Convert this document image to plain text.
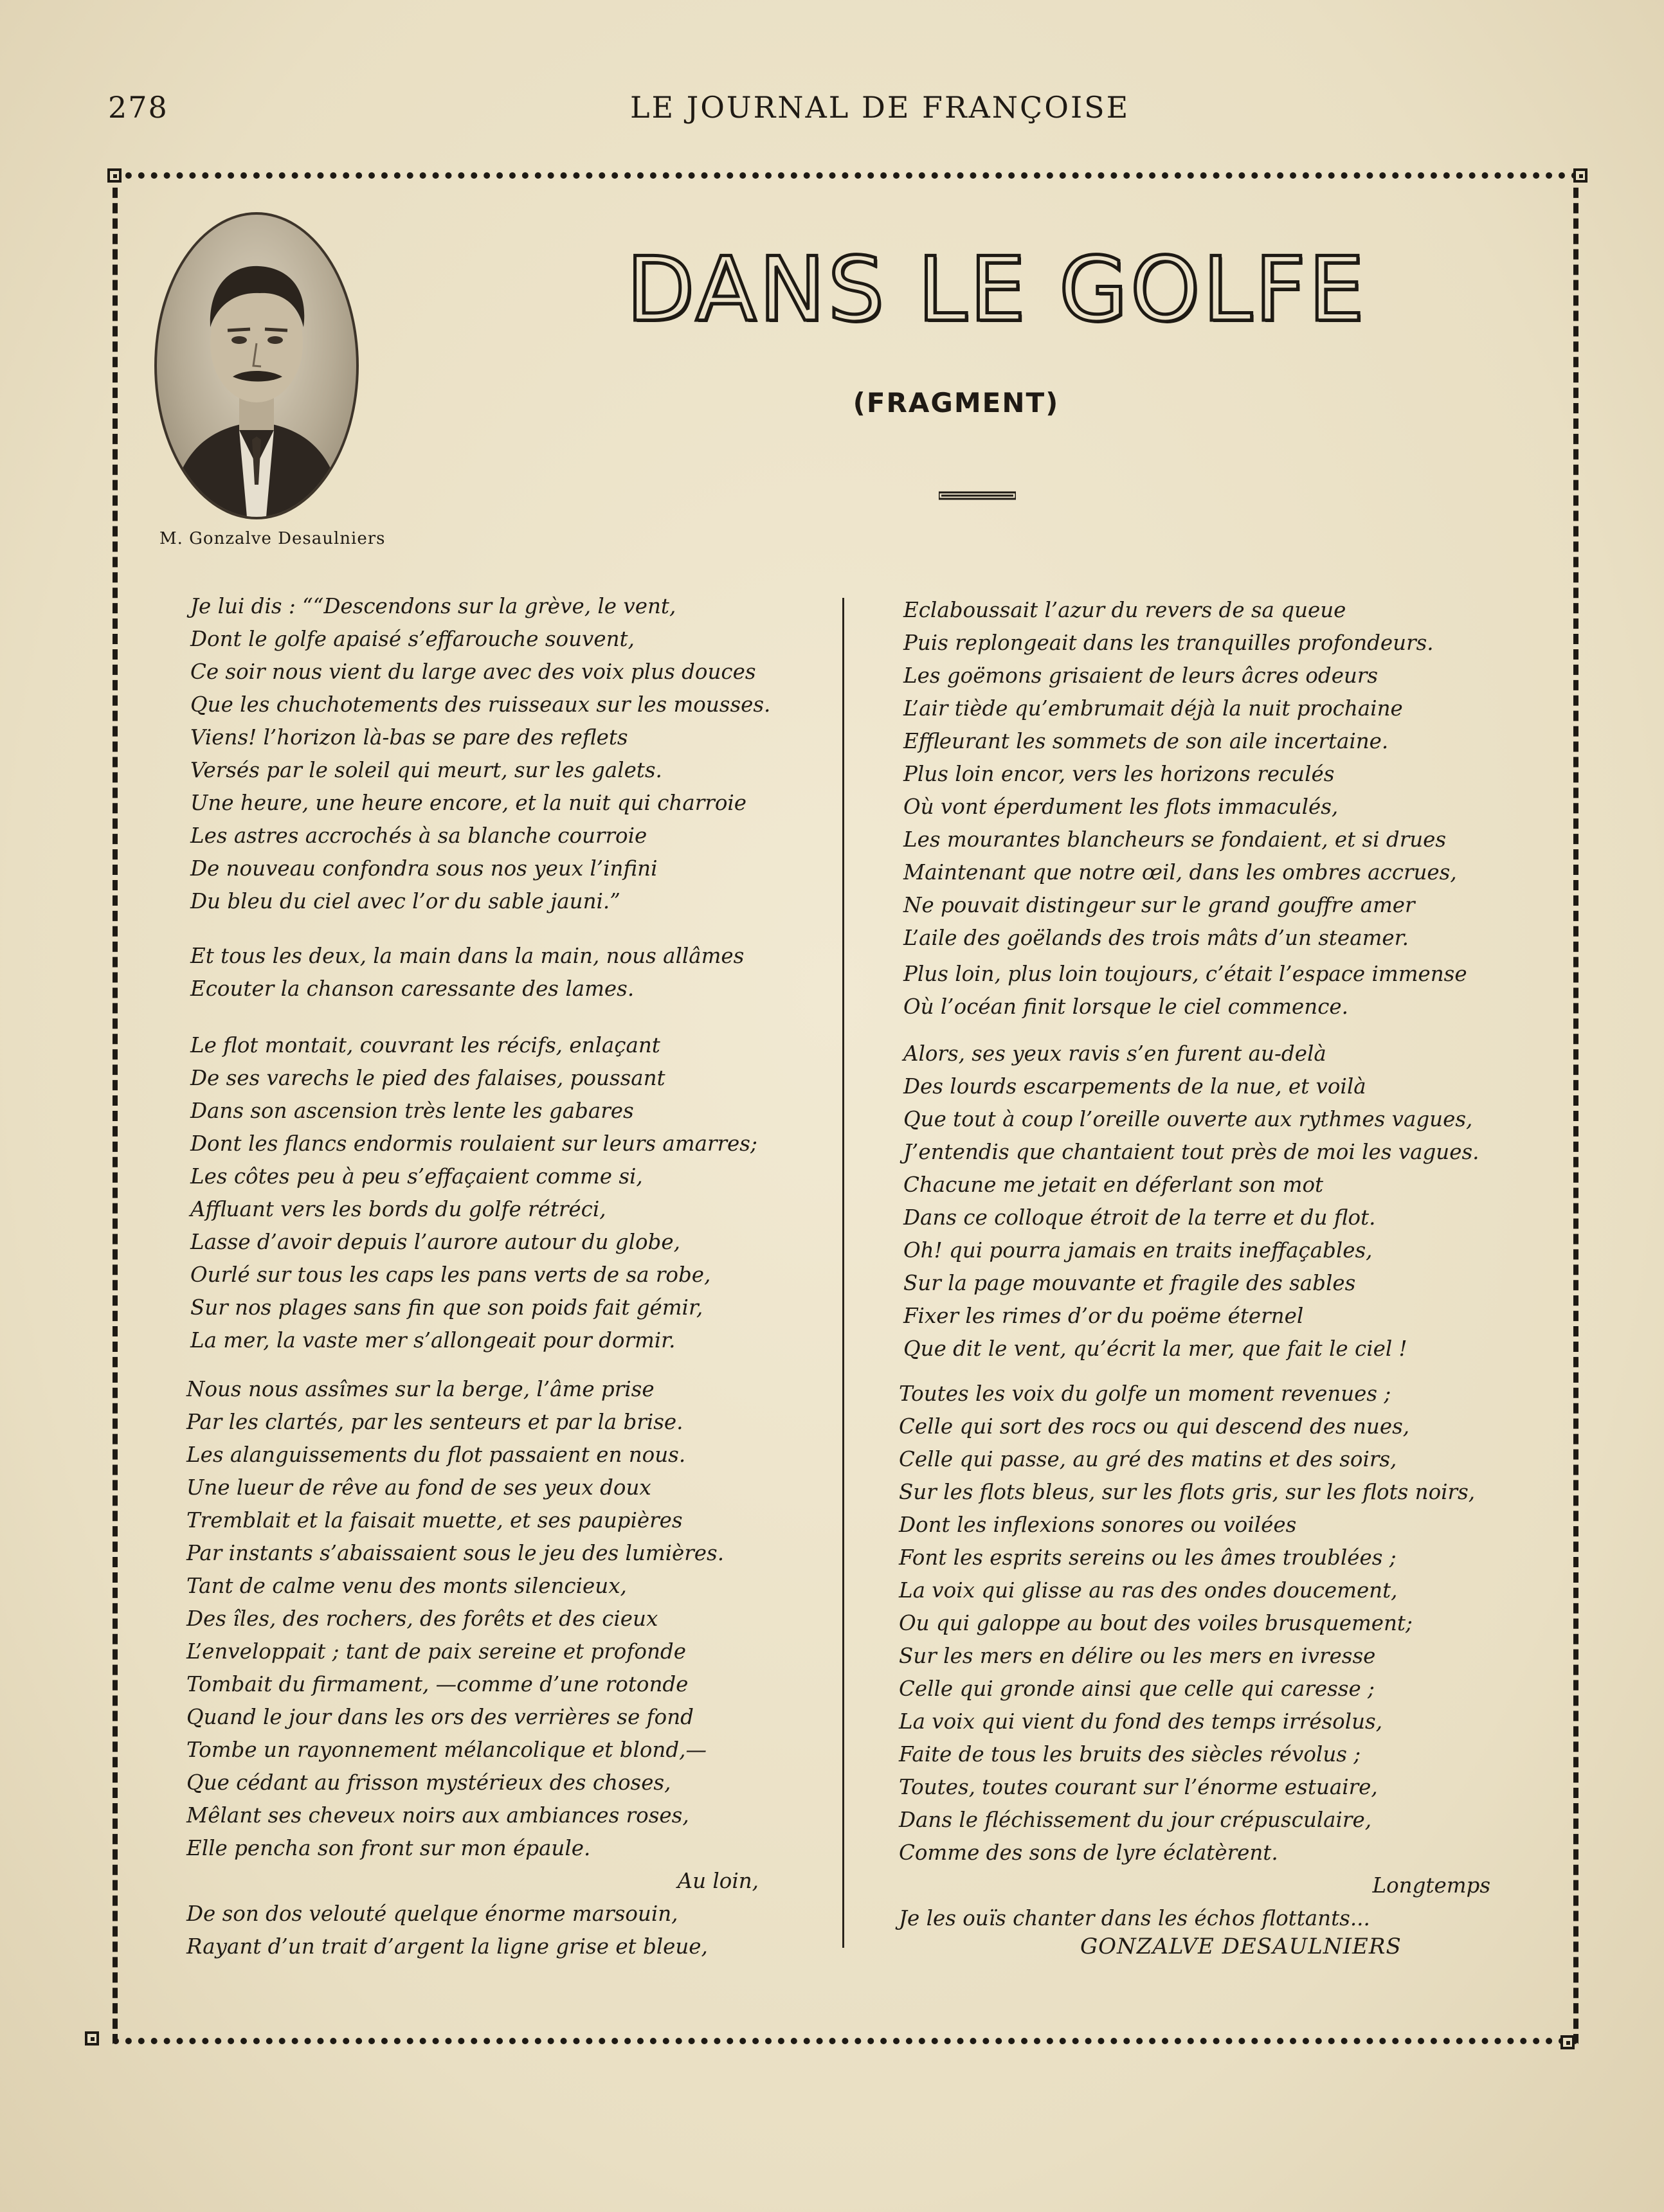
278	LE JOURNAL DE FRANÇOISE
M. Gonzalve Desaulniers
DANS LE GOLFE
(FRAGMENT)
Je lui dis : ““Descendons sur la grève, le vent,
Dont le golfe apaisé s’effarouche souvent,
Ce soir nous vient du large avec des voix plus douces
Que les chuchotements des ruisseaux sur les mousses.
Viens! l’horizon là-bas se pare des reflets
Versés par le soleil qui meurt, sur les galets.
Une heure, une heure encore, et la nuit qui charroie
Les astres accrochés à sa blanche courroie
De nouveau confondra sous nos yeux l’infini
Du bleu du ciel avec l’or du sable jauni.”
Et tous les deux, la main dans la main, nous allâmes
Ecouter la chanson caressante des lames.
Le flot montait, couvrant les récifs, enlaçant
De ses varechs le pied des falaises, poussant
Dans son ascension très lente les gabares
Dont les flancs endormis roulaient sur leurs amarres;
Les côtes peu à peu s’effaçaient comme si,
Affluant vers les bords du golfe rétréci,
Lasse d’avoir depuis l’aurore autour du globe,
Ourlé sur tous les caps les pans verts de sa robe,
Sur nos plages sans fin que son poids fait gémir,
La mer, la vaste mer s’allongeait pour dormir.
Nous nous assîmes sur la berge, l’âme prise
Par les clartés, par les senteurs et par la brise.
Les alanguissements du flot passaient en nous.
Une lueur de rêve au fond de ses yeux doux
Tremblait et la faisait muette, et ses paupières
Par instants s’abaissaient sous le jeu des lumières.
Tant de calme venu des monts silencieux,
Des îles, des rochers, des forêts et des cieux
L’enveloppait ; tant de paix sereine et profonde
Tombait du firmament, —comme d’une rotonde
Quand le jour dans les ors des verrières se fond
Tombe un rayonnement mélancolique et blond,—
Que cédant au frisson mystérieux des choses,
Mêlant ses cheveux noirs aux ambiances roses,
Elle pencha son front sur mon épaule.
Au loin,
De son dos velouté quelque énorme marsouin,
Rayant d’un trait d’argent la ligne grise et bleue,
Eclaboussait l’azur du revers de sa queue
Puis replongeait dans les tranquilles profondeurs.
Les goëmons grisaient de leurs âcres odeurs
L’air tiède qu’embrumait déjà la nuit prochaine
Effleurant les sommets de son aile incertaine.
Plus loin encor, vers les horizons reculés
Où vont éperdument les flots immaculés,
Les mourantes blancheurs se fondaient, et si drues
Maintenant que notre œil, dans les ombres accrues,
Ne pouvait distingeur sur le grand gouffre amer
L’aile des goëlands des trois mâts d’un steamer.
Plus loin, plus loin toujours, c’était l’espace immense
Où l’océan finit lorsque le ciel commence.
Alors, ses yeux ravis s’en furent au-delà
Des lourds escarpements de la nue, et voilà
Que tout à coup l’oreille ouverte aux rythmes vagues,
J’entendis que chantaient tout près de moi les vagues.
Chacune me jetait en déferlant son mot
Dans ce colloque étroit de la terre et du flot.
Oh! qui pourra jamais en traits ineffaçables,
Sur la page mouvante et fragile des sables
Fixer les rimes d’or du poëme éternel
Que dit le vent, qu’écrit la mer, que fait le ciel !
Toutes les voix du golfe un moment revenues ;
Celle qui sort des rocs ou qui descend des nues,
Celle qui passe, au gré des matins et des soirs,
Sur les flots bleus, sur les flots gris, sur les flots noirs,
Dont les inflexions sonores ou voilées
Font les esprits sereins ou les âmes troublées ;
La voix qui glisse au ras des ondes doucement,
Ou qui galoppe au bout des voiles brusquement;
Sur les mers en délire ou les mers en ivresse
Celle qui gronde ainsi que celle qui caresse ;
La voix qui vient du fond des temps irrésolus,
Faite de tous les bruits des siècles révolus ;
Toutes, toutes courant sur l’énorme estuaire,
Dans le fléchissement du jour crépusculaire,
Comme des sons de lyre éclatèrent.
Longtemps
Je les ouïs chanter dans les échos flottants...
GONZALVE DESAULNIERS
